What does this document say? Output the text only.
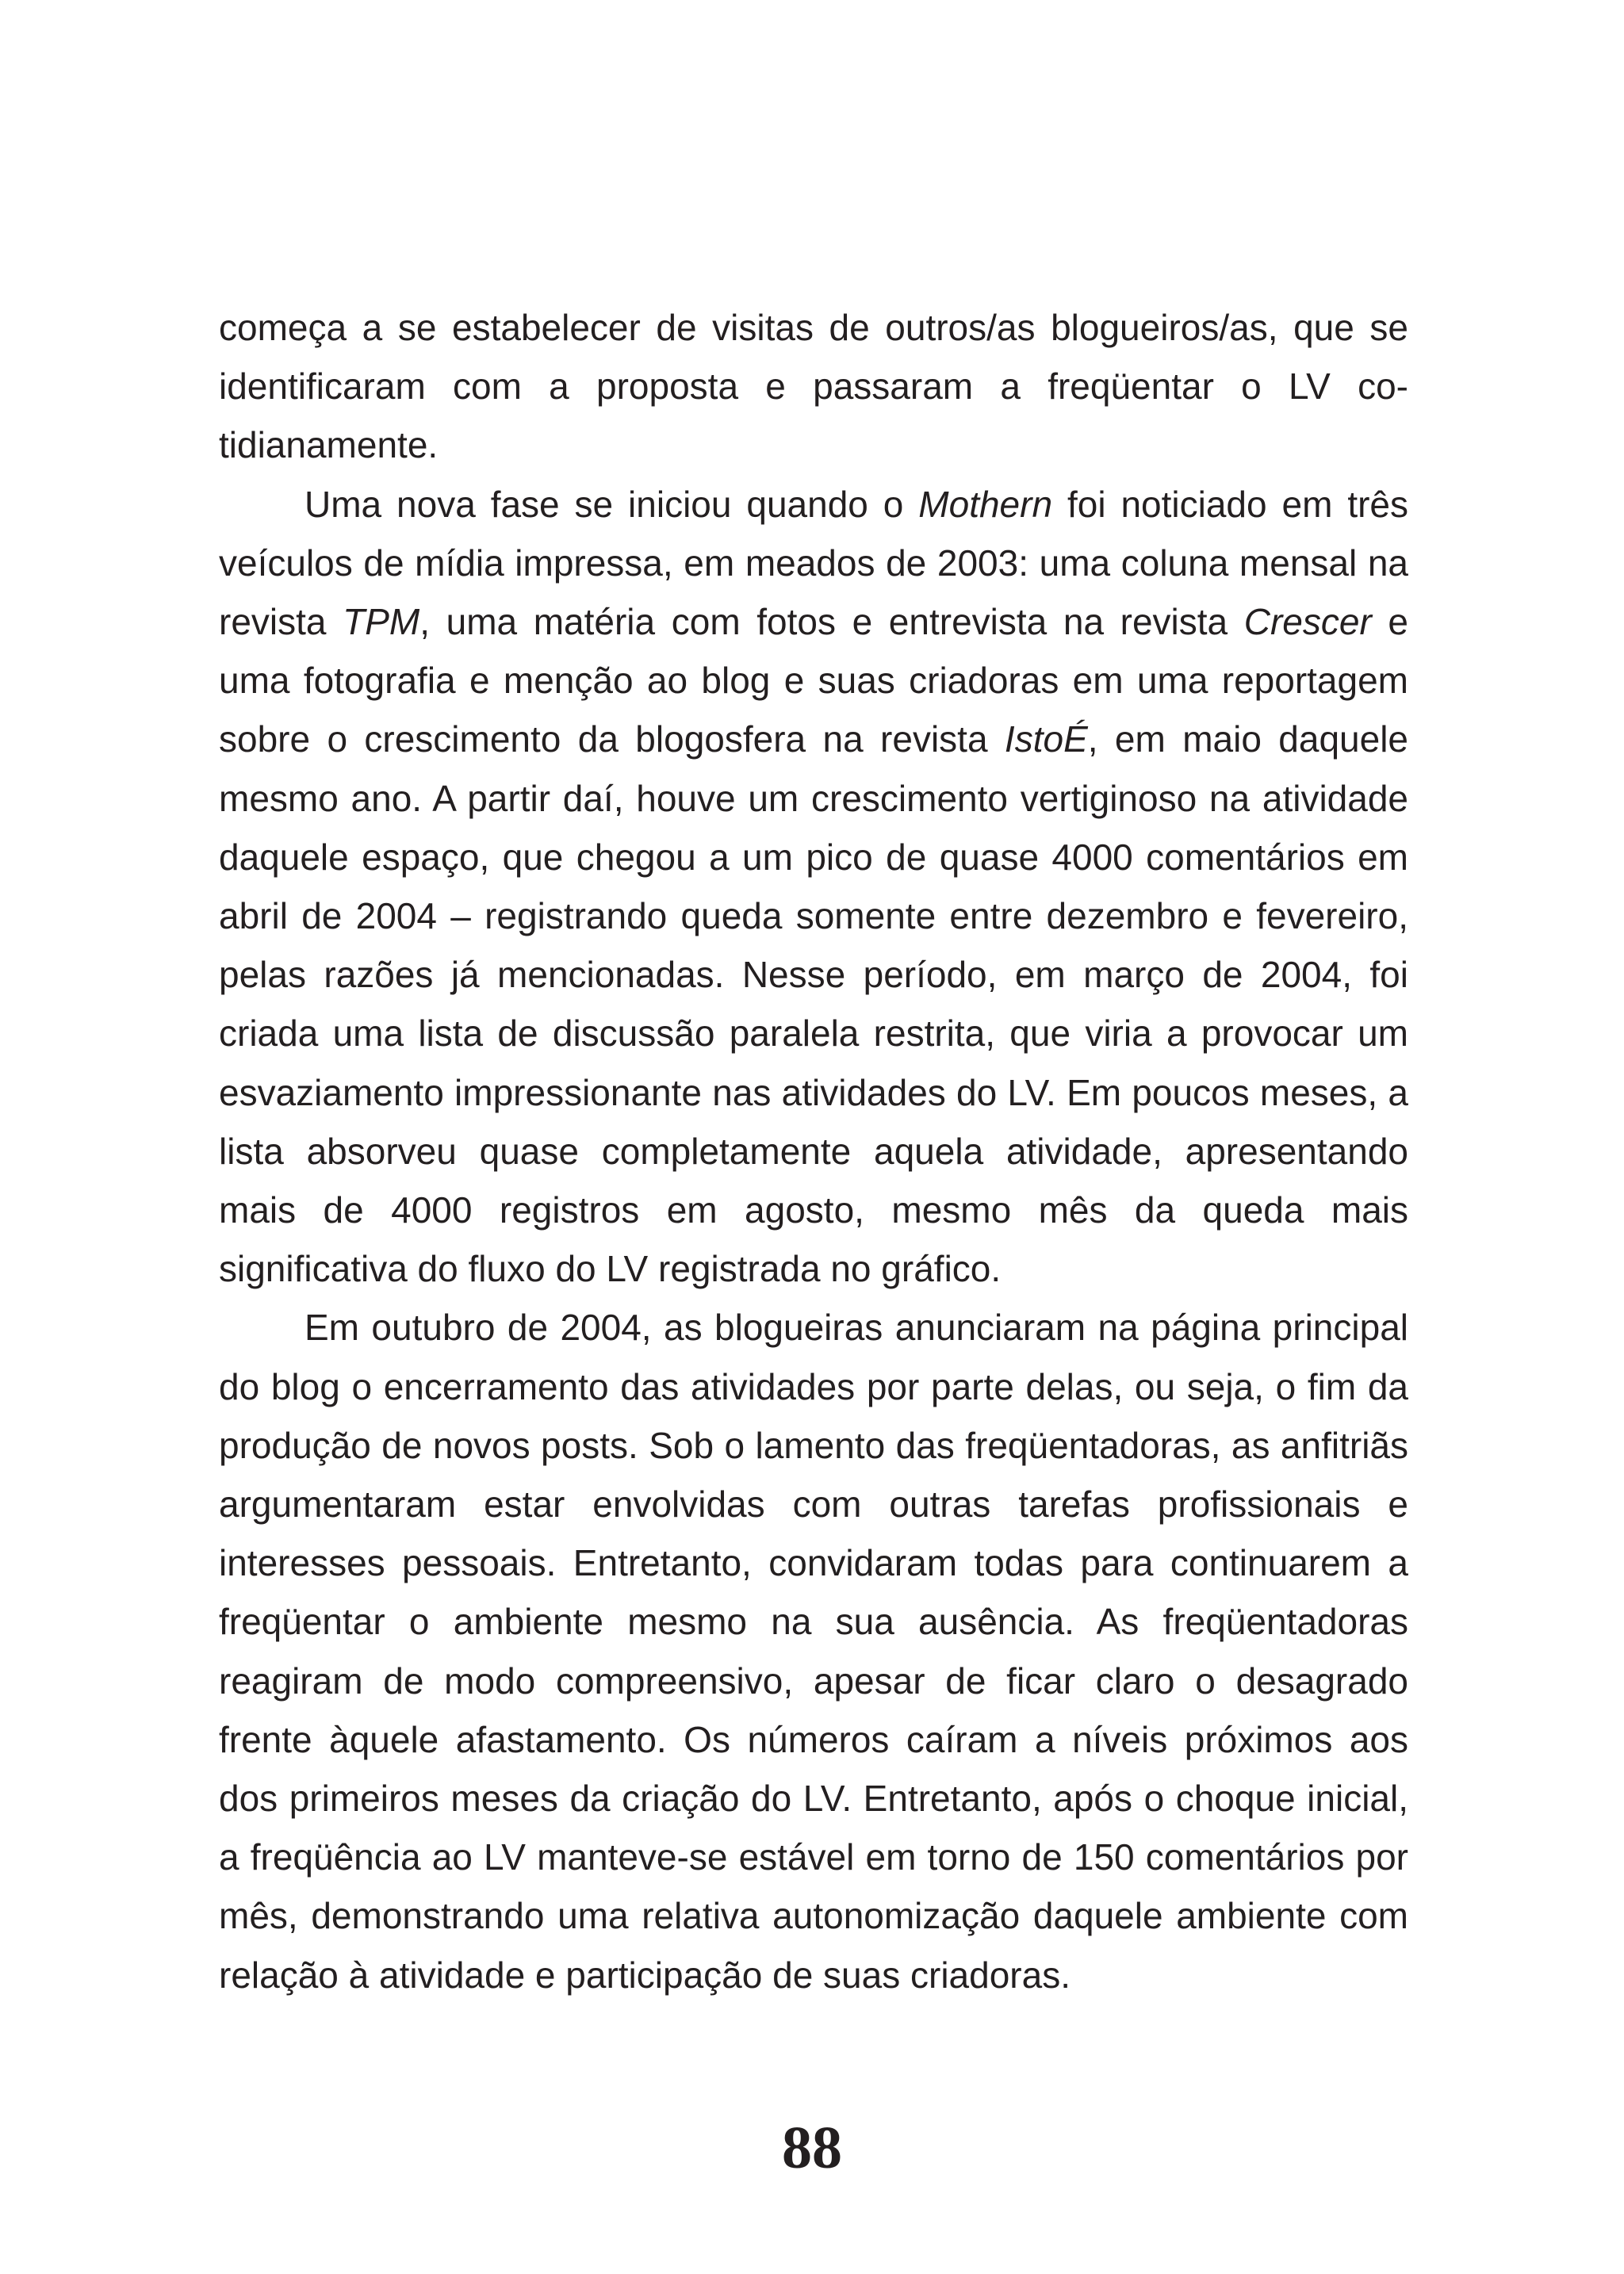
começa a se estabelecer de visitas de outros/as blogueiros/as, que se identificaram com a proposta e passaram a freqüentar o LV cotidianamente.

Uma nova fase se iniciou quando o Mothern foi noticiado em três veículos de mídia impressa, em meados de 2003: uma coluna mensal na revista TPM, uma matéria com fotos e entrevista na revista Crescer e uma fotografia e menção ao blog e suas criadoras em uma reportagem sobre o crescimento da blogosfera na revista IstoÉ, em maio daquele mesmo ano. A partir daí, houve um crescimento vertiginoso na atividade daquele espaço, que chegou a um pico de quase 4000 comentários em abril de 2004 – registrando queda somente entre dezembro e fevereiro, pelas razões já mencionadas. Nesse período, em março de 2004, foi criada uma lista de discussão paralela restrita, que viria a provocar um esvaziamento impressionante nas atividades do LV. Em poucos meses, a lista absorveu quase completamente aquela atividade, apresentando mais de 4000 registros em agosto, mesmo mês da queda mais significativa do fluxo do LV registrada no gráfico.

Em outubro de 2004, as blogueiras anunciaram na página principal do blog o encerramento das atividades por parte delas, ou seja, o fim da produção de novos posts. Sob o lamento das freqüentadoras, as anfitriãs argumentaram estar envolvidas com outras tarefas profissionais e interesses pessoais. Entretanto, convidaram todas para continuarem a freqüentar o ambiente mesmo na sua ausência. As freqüentadoras reagiram de modo compreensivo, apesar de ficar claro o desagrado frente àquele afastamento. Os números caíram a níveis próximos aos dos primeiros meses da criação do LV. Entretanto, após o choque inicial, a freqüência ao LV manteve-se estável em torno de 150 comentários por mês, demonstrando uma relativa autonomização daquele ambiente com relação à atividade e participação de suas criadoras.

88
